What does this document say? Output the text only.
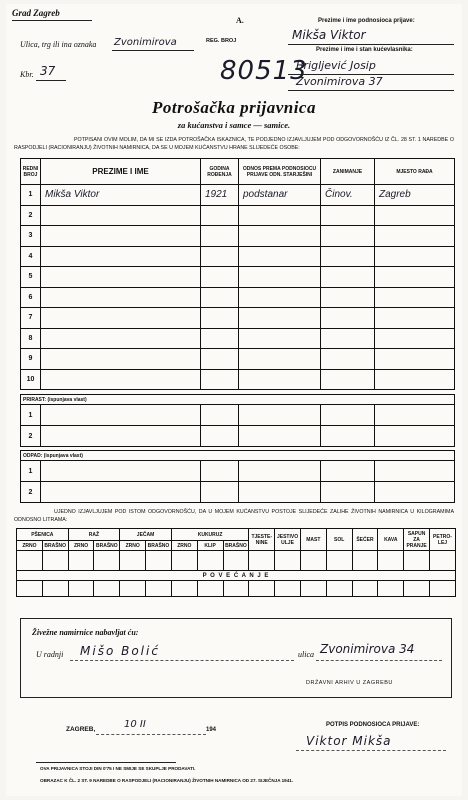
Grad Zagreb
Ulica, trg ili ina oznaka Zvonimirova
Kbr. 37
A.
REG. BROJ
80513
Prezime i ime podnosioca prijave:
Mikša Viktor
Prezime i ime i stan kućevlasnika:
Brigljević Josip
Zvonimirova 37
Potrošačka prijavnica
za kućanstva i samce — samice.
POTPISANI OVIM MOLIM, DA MI SE IZDA POTROŠAČKA ISKAZNICA, TE PODJEDNO IZJAVLJUJEM POD ODGOVORNOŠĆU IZ ČL. 28 ST. 1 NAREDBE O RASPODJELI (RACIONIRANJU) ŽIVOTNIH NAMIRNICA, DA SE U MOJEM KUĆANSTVU HRANE SLIJEDEĆE OSOBE:
REDNI BROJ	PREZIME I IME	GODINA ROĐENJA	ODNOS PREMA PODNOSIOCU PRIJAVE ODN. STARJEŠINI	ZANIMANJE	MJESTO RAĐA
1	Mikša Viktor	1921	podstanar	Činov.	Zagreb
2					
3					
4					
5					
6					
7					
8					
9					
10					
PRIRAST: (ispunjava vlast)					
1					
2					
ODPAD: (ispunjava vlast)					
1					
2					
UJEDNO IZJAVLJUJEM POD ISTOM ODGOVORNOŠĆU, DA U MOJEM KUĆANSTVU POSTOJE SLIJEDEĆE ZALIHE ŽIVOTNIH NAMIRNICA U KILOGRAMIMA ODNOSNO LITRAMA:
PŠENICA		RAŽ		JEČAM		KUKURUZ			TJESTE-NINE	JESTIVO ULJE	MAST	SOL	ŠEĆER	KAVA	SAPUN ZA PRANJE	PETRO-LEJ
ZRNO	BRAŠNO	ZRNO	BRAŠNO	ZRNO	BRAŠNO	ZRNO	KLIP	BRAŠNO								

P O V E Ć A N J E																

Živežne namirnice nabavljat ću:
U radnji Mišo Bolić	ulica Zvonimirova 34
DRŽAVNI ARHIV U ZAGREBU
ZAGREB,	10 II	194
POTPIS PODNOSIOCA PRIJAVE:
Viktor Mikša
OVA PRIJAVNICA STOJI DIN 0'75 I NE SMIJE SE SKUPLJE PRODAVATI.
OBRAZAC K ČL. 2 ST. 9 NAREDBE O RASPODJELI (RACIONIRANJU) ŽIVOTNIH NAMIRNICA OD 27. SIJEČNJA 1941.
